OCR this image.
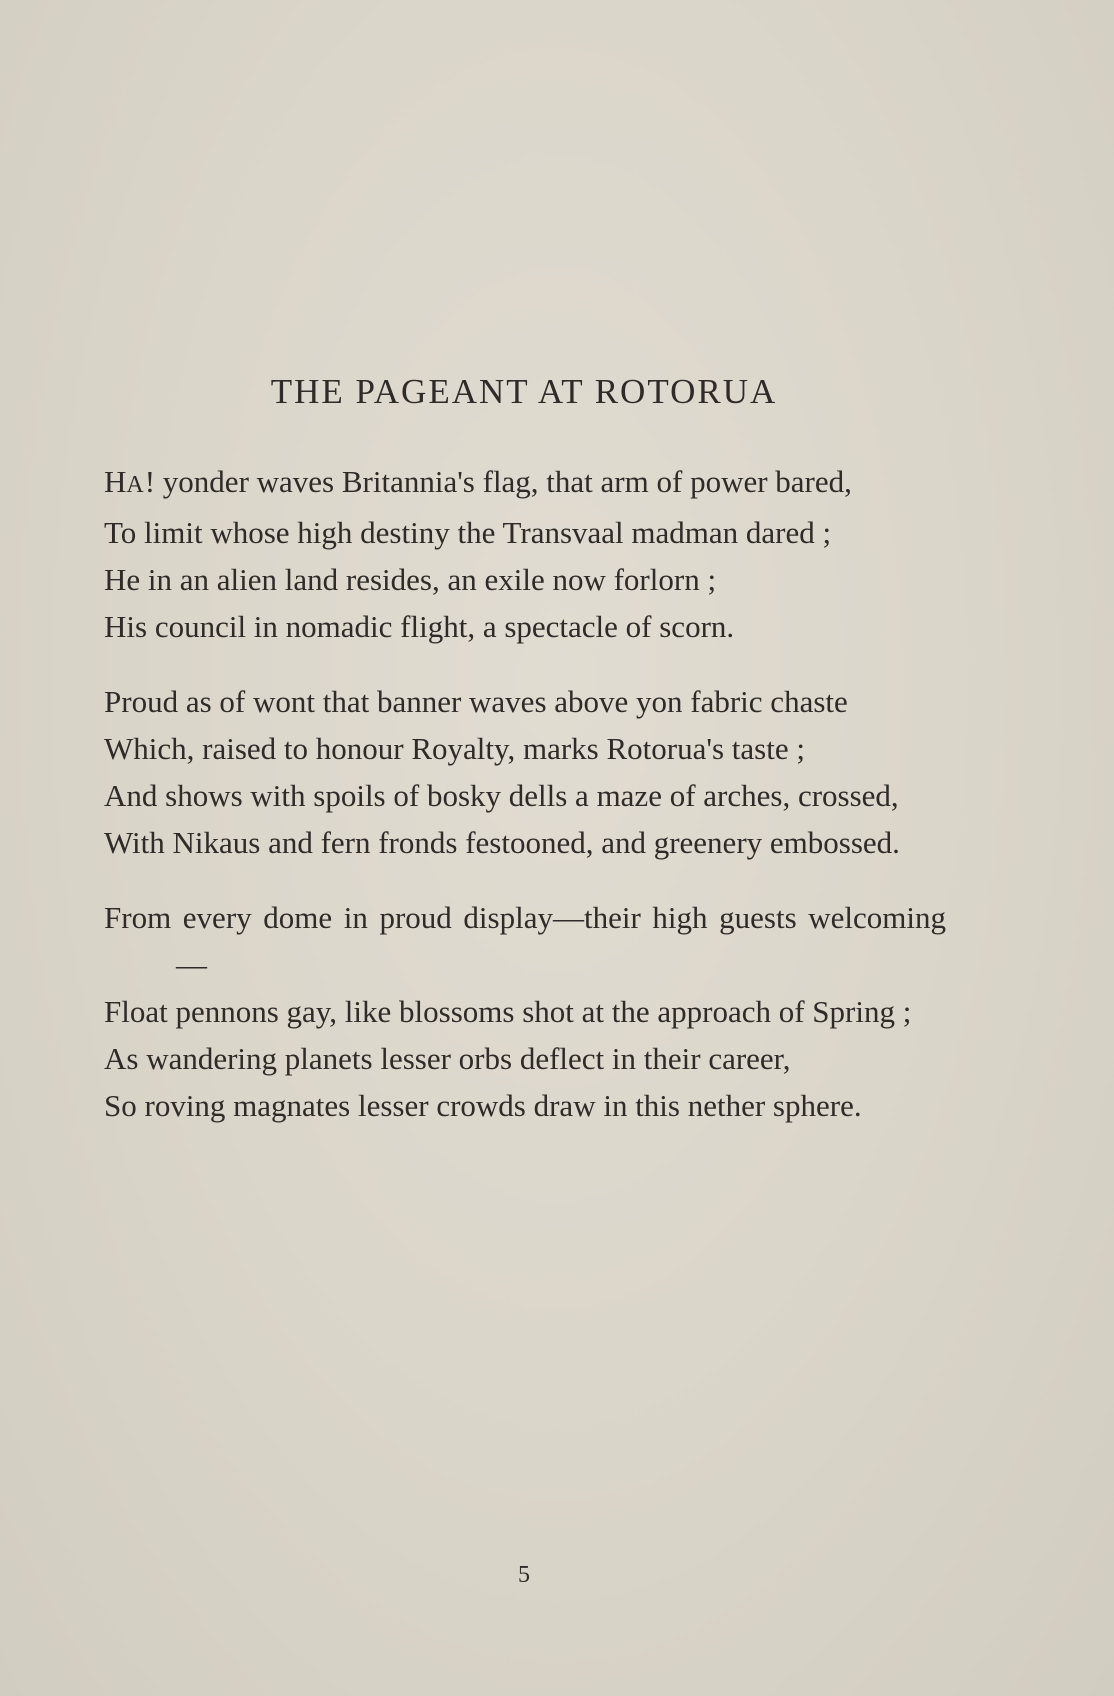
THE PAGEANT AT ROTORUA
HA! yonder waves Britannia's flag, that arm of power bared,
To limit whose high destiny the Transvaal madman dared ;
He in an alien land resides, an exile now forlorn ;
His council in nomadic flight, a spectacle of scorn.
Proud as of wont that banner waves above yon fabric chaste
Which, raised to honour Royalty, marks Rotorua's taste ;
And shows with spoils of bosky dells a maze of arches, crossed,
With Nikaus and fern fronds festooned, and greenery embossed.
From every dome in proud display—their high guests welcoming—
Float pennons gay, like blossoms shot at the approach of Spring ;
As wandering planets lesser orbs deflect in their career,
So roving magnates lesser crowds draw in this nether sphere.
5
